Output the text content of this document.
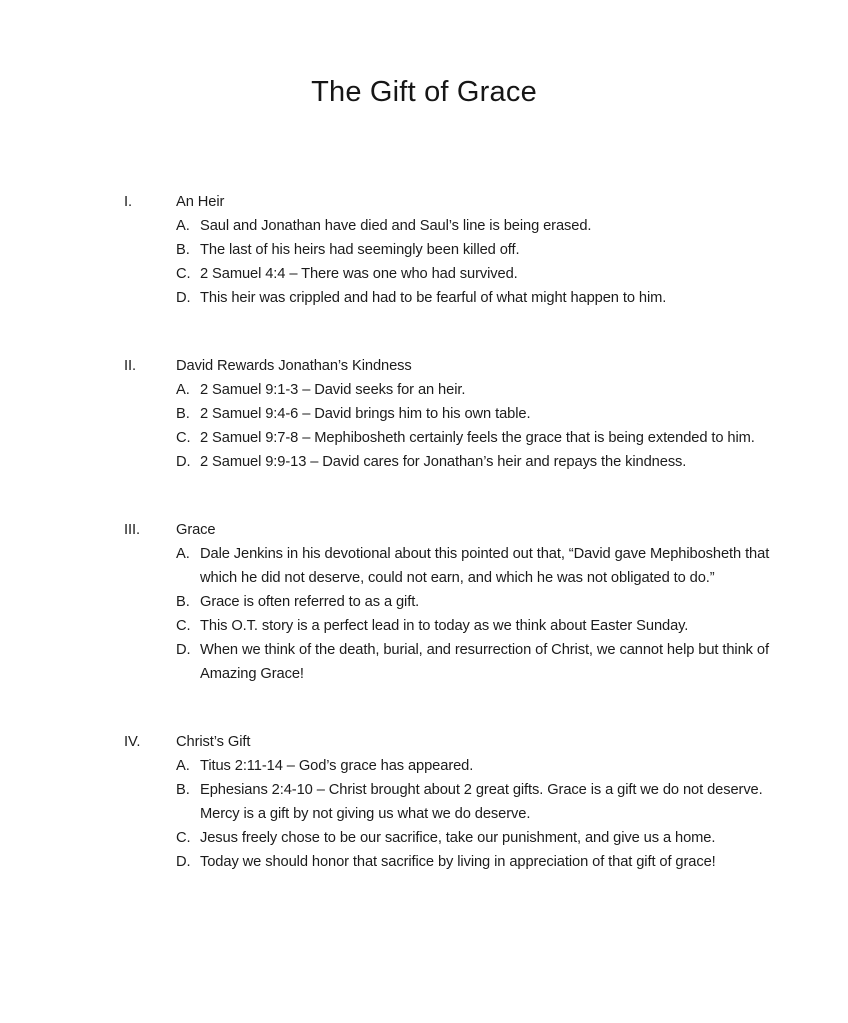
The Gift of Grace
I.	An Heir
A. Saul and Jonathan have died and Saul’s line is being erased.
B. The last of his heirs had seemingly been killed off.
C. 2 Samuel 4:4 – There was one who had survived.
D. This heir was crippled and had to be fearful of what might happen to him.
II.	David Rewards Jonathan’s Kindness
A. 2 Samuel 9:1-3 – David seeks for an heir.
B. 2 Samuel 9:4-6 – David brings him to his own table.
C. 2 Samuel 9:7-8 – Mephibosheth certainly feels the grace that is being extended to him.
D. 2 Samuel 9:9-13 – David cares for Jonathan’s heir and repays the kindness.
III.	Grace
A. Dale Jenkins in his devotional about this pointed out that, “David gave Mephibosheth that which he did not deserve, could not earn, and which he was not obligated to do.”
B. Grace is often referred to as a gift.
C. This O.T. story is a perfect lead in to today as we think about Easter Sunday.
D. When we think of the death, burial, and resurrection of Christ, we cannot help but think of Amazing Grace!
IV.	Christ’s Gift
A. Titus 2:11-14 – God’s grace has appeared.
B. Ephesians 2:4-10 – Christ brought about 2 great gifts. Grace is a gift we do not deserve. Mercy is a gift by not giving us what we do deserve.
C. Jesus freely chose to be our sacrifice, take our punishment, and give us a home.
D. Today we should honor that sacrifice by living in appreciation of that gift of grace!
